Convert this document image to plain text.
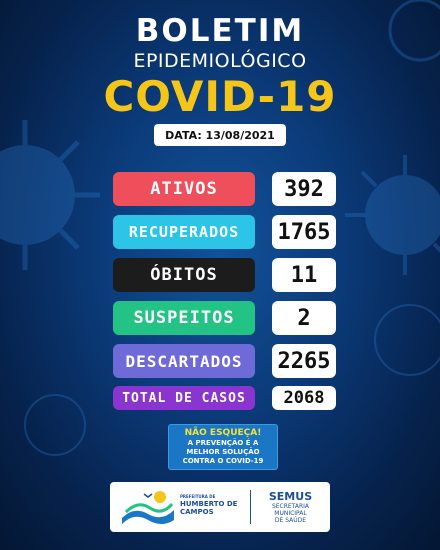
BOLETIM
EPIDEMIOLÓGICO
COVID-19
DATA: 13/08/2021
ATIVOS	392
RECUPERADOS	1765
ÓBITOS	11
SUSPEITOS	2
DESCARTADOS	2265
TOTAL DE CASOS	2068
NÃO ESQUEÇA!
A PREVENÇÃO É A
MELHOR SOLUÇÃO
CONTRA O COVID-19
PREFEITURA DE
HUMBERTO DE CAMPOS
SEMUS
SECRETARIA
MUNICIPAL
DE SAÚDE
